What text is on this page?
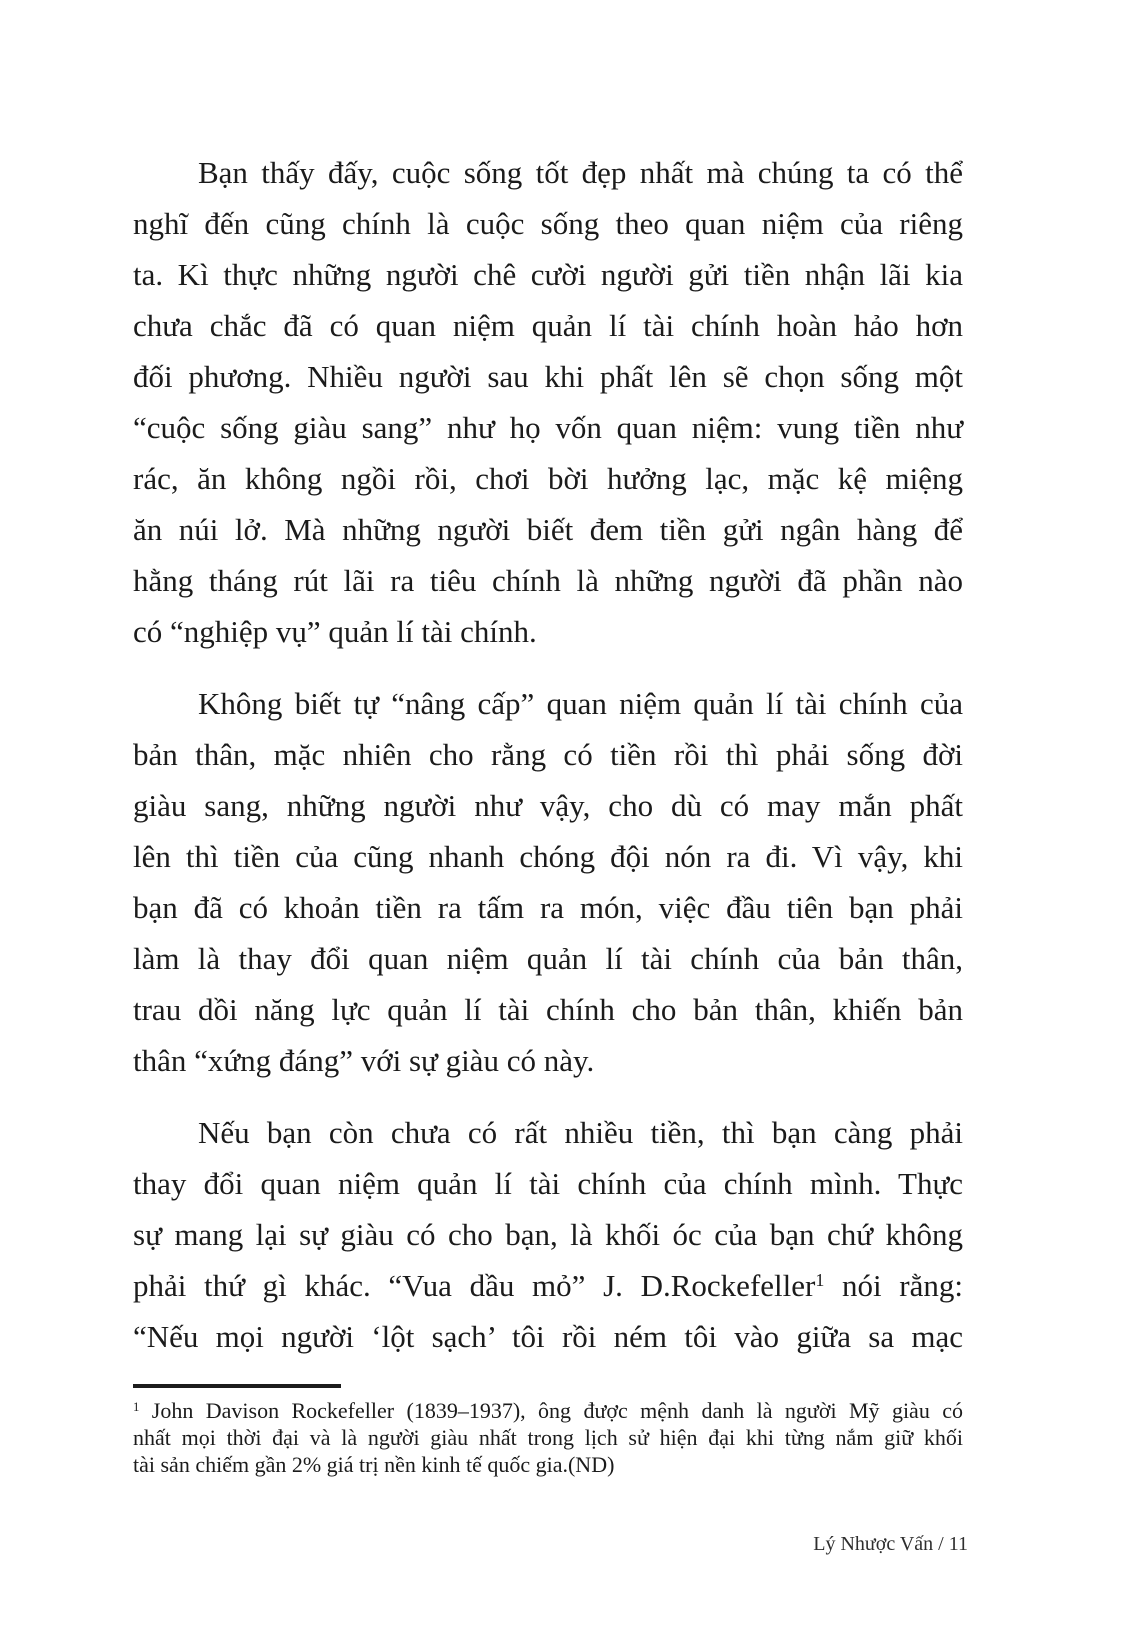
Bạn thấy đấy, cuộc sống tốt đẹp nhất mà chúng ta có thể
nghĩ đến cũng chính là cuộc sống theo quan niệm của riêng
ta. Kì thực những người chê cười người gửi tiền nhận lãi kia
chưa chắc đã có quan niệm quản lí tài chính hoàn hảo hơn
đối phương. Nhiều người sau khi phất lên sẽ chọn sống một
“cuộc sống giàu sang” như họ vốn quan niệm: vung tiền như
rác, ăn không ngồi rồi, chơi bời hưởng lạc, mặc kệ miệng
ăn núi lở. Mà những người biết đem tiền gửi ngân hàng để
hằng tháng rút lãi ra tiêu chính là những người đã phần nào
có “nghiệp vụ” quản lí tài chính.
Không biết tự “nâng cấp” quan niệm quản lí tài chính của
bản thân, mặc nhiên cho rằng có tiền rồi thì phải sống đời
giàu sang, những người như vậy, cho dù có may mắn phất
lên thì tiền của cũng nhanh chóng đội nón ra đi. Vì vậy, khi
bạn đã có khoản tiền ra tấm ra món, việc đầu tiên bạn phải
làm là thay đổi quan niệm quản lí tài chính của bản thân,
trau dồi năng lực quản lí tài chính cho bản thân, khiến bản
thân “xứng đáng” với sự giàu có này.
Nếu bạn còn chưa có rất nhiều tiền, thì bạn càng phải
thay đổi quan niệm quản lí tài chính của chính mình. Thực
sự mang lại sự giàu có cho bạn, là khối óc của bạn chứ không
phải thứ gì khác. “Vua dầu mỏ” J. D.Rockefeller$^1$ nói rằng:
“Nếu mọi người ‘lột sạch’ tôi rồi ném tôi vào giữa sa mạc
$^1$ John Davison Rockefeller (1839–1937), ông được mệnh danh là người Mỹ giàu có
nhất mọi thời đại và là người giàu nhất trong lịch sử hiện đại khi từng nắm giữ khối
tài sản chiếm gần 2% giá trị nền kinh tế quốc gia.(ND)
Lý Nhược Vấn / 11
